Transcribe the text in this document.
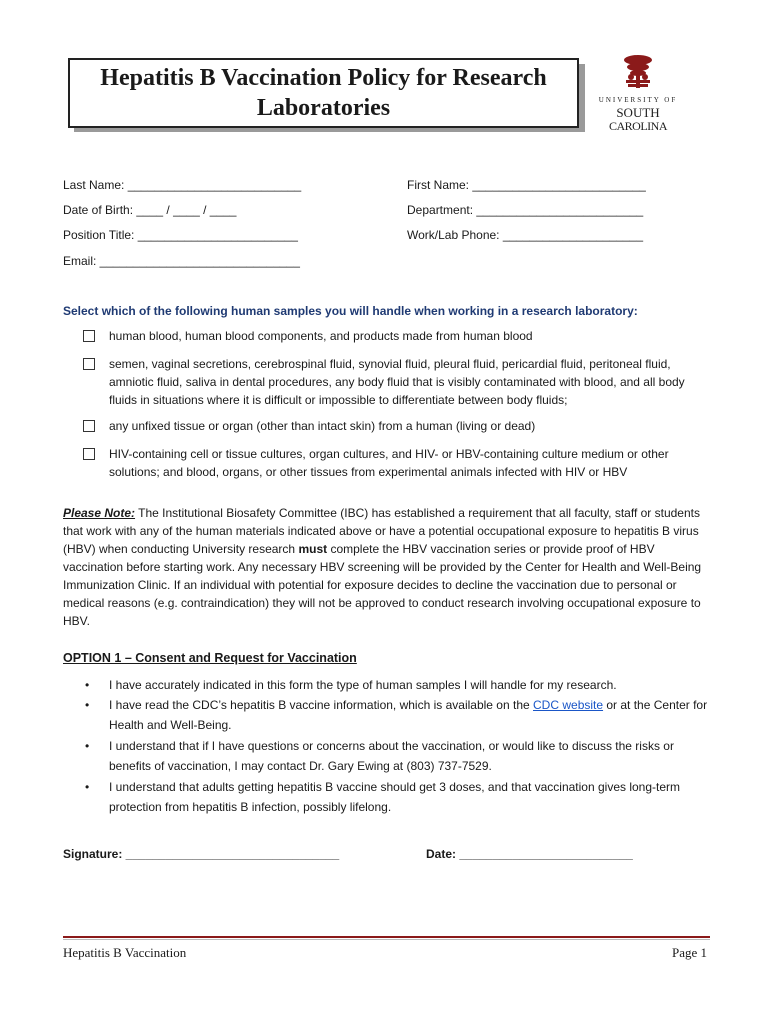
Hepatitis B Vaccination Policy for Research
Laboratories	UNIVERSITY OF
SOUTH
CAROLINA
Last Name: __________________________	First Name: __________________________
Date of Birth: ____ / ____ / ____	Department: _________________________
Position Title: ________________________	Work/Lab Phone: _____________________
Email: ______________________________
Select which of the following human samples you will handle when working in a research laboratory:
human blood, human blood components, and products made from human blood
semen, vaginal secretions, cerebrospinal fluid, synovial fluid, pleural fluid, pericardial fluid, peritoneal fluid, amniotic fluid, saliva in dental procedures, any body fluid that is visibly contaminated with blood, and all body fluids in situations where it is difficult or impossible to differentiate between body fluids;
any unfixed tissue or organ (other than intact skin) from a human (living or dead)
HIV-containing cell or tissue cultures, organ cultures, and HIV- or HBV-containing culture medium or other solutions; and blood, organs, or other tissues from experimental animals infected with HIV or HBV
Please Note: The Institutional Biosafety Committee (IBC) has established a requirement that all faculty, staff or students that work with any of the human materials indicated above or have a potential occupational exposure to hepatitis B virus (HBV) when conducting University research must complete the HBV vaccination series or provide proof of HBV vaccination before starting work. Any necessary HBV screening will be provided by the Center for Health and Well-Being Immunization Clinic. If an individual with potential for exposure decides to decline the vaccination due to personal or medical reasons (e.g. contraindication) they will not be approved to conduct research involving occupational exposure to HBV.
OPTION 1 – Consent and Request for Vaccination
• I have accurately indicated in this form the type of human samples I will handle for my research.
• I have read the CDC’s hepatitis B vaccine information, which is available on the CDC website or at the Center for Health and Well-Being.
• I understand that if I have questions or concerns about the vaccination, or would like to discuss the risks or benefits of vaccination, I may contact Dr. Gary Ewing at (803) 737-7529.
• I understand that adults getting hepatitis B vaccine should get 3 doses, and that vaccination gives long-term protection from hepatitis B infection, possibly lifelong.
Signature: ________________________________	Date: __________________________
Hepatitis B Vaccination	Page 1
